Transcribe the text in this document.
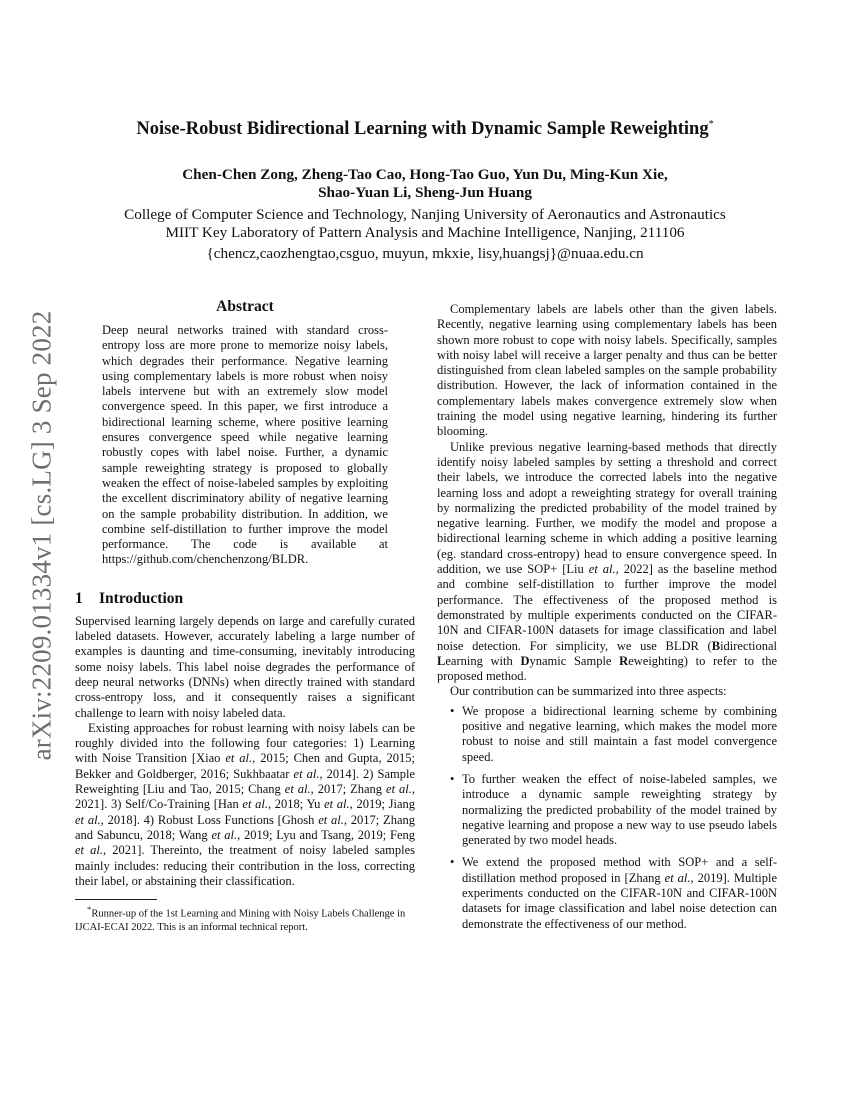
arXiv:2209.01334v1 [cs.LG] 3 Sep 2022
Noise-Robust Bidirectional Learning with Dynamic Sample Reweighting*
Chen-Chen Zong, Zheng-Tao Cao, Hong-Tao Guo, Yun Du, Ming-Kun Xie,
Shao-Yuan Li, Sheng-Jun Huang
College of Computer Science and Technology, Nanjing University of Aeronautics and Astronautics
MIIT Key Laboratory of Pattern Analysis and Machine Intelligence, Nanjing, 211106
{chencz,caozhengtao,csguo, muyun, mkxie, lisy,huangsj}@nuaa.edu.cn
Abstract

Deep neural networks trained with standard cross-entropy loss are more prone to memorize noisy labels, which degrades their performance. Negative learning using complementary labels is more robust when noisy labels intervene but with an extremely slow model convergence speed. In this paper, we first introduce a bidirectional learning scheme, where positive learning ensures convergence speed while negative learning robustly copes with label noise. Further, a dynamic sample reweighting strategy is proposed to globally weaken the effect of noise-labeled samples by exploiting the excellent discriminatory ability of negative learning on the sample probability distribution. In addition, we combine self-distillation to further improve the model performance. The code is available at https://github.com/chenchenzong/BLDR.

1 Introduction

Supervised learning largely depends on large and carefully curated labeled datasets. However, accurately labeling a large number of examples is daunting and time-consuming, inevitably introducing some noisy labels. This label noise degrades the performance of deep neural networks (DNNs) when directly trained with standard cross-entropy loss, and it consequently raises a significant challenge to learn with noisy labeled data.

Existing approaches for robust learning with noisy labels can be roughly divided into the following four categories: 1) Learning with Noise Transition [Xiao et al., 2015; Chen and Gupta, 2015; Bekker and Goldberger, 2016; Sukhbaatar et al., 2014]. 2) Sample Reweighting [Liu and Tao, 2015; Chang et al., 2017; Zhang et al., 2021]. 3) Self/Co-Training [Han et al., 2018; Yu et al., 2019; Jiang et al., 2018]. 4) Robust Loss Functions [Ghosh et al., 2017; Zhang and Sabuncu, 2018; Wang et al., 2019; Lyu and Tsang, 2019; Feng et al., 2021]. Thereinto, the treatment of noisy labeled samples mainly includes: reducing their contribution in the loss, correcting their label, or abstaining their classification.

*Runner-up of the 1st Learning and Mining with Noisy Labels Challenge in IJCAI-ECAI 2022. This is an informal technical report.

Complementary labels are labels other than the given labels. Recently, negative learning using complementary labels has been shown more robust to cope with noisy labels. Specifically, samples with noisy label will receive a larger penalty and thus can be better distinguished from clean labeled samples on the sample probability distribution. However, the lack of information contained in the complementary labels makes convergence extremely slow when training the model using negative learning, hindering its further blooming.

Unlike previous negative learning-based methods that directly identify noisy labeled samples by setting a threshold and correct their labels, we introduce the corrected labels into the negative learning loss and adopt a reweighting strategy for overall training by normalizing the predicted probability of the model trained by negative learning. Further, we modify the model and propose a bidirectional learning scheme in which adding a positive learning (eg. standard cross-entropy) head to ensure convergence speed. In addition, we use SOP+ [Liu et al., 2022] as the baseline method and combine self-distillation to further improve the model performance. The effectiveness of the proposed method is demonstrated by multiple experiments conducted on the CIFAR-10N and CIFAR-100N datasets for image classification and label noise detection. For simplicity, we use BLDR (Bidirectional Learning with Dynamic Sample Reweighting) to refer to the proposed method.

Our contribution can be summarized into three aspects:

• We propose a bidirectional learning scheme by combining positive and negative learning, which makes the model more robust to noise and still maintain a fast model convergence speed.
• To further weaken the effect of noise-labeled samples, we introduce a dynamic sample reweighting strategy by normalizing the predicted probability of the model trained by negative learning and propose a new way to use pseudo labels generated by two model heads.
• We extend the proposed method with SOP+ and a self-distillation method proposed in [Zhang et al., 2019]. Multiple experiments conducted on the CIFAR-10N and CIFAR-100N datasets for image classification and label noise detection can demonstrate the effectiveness of our method.
